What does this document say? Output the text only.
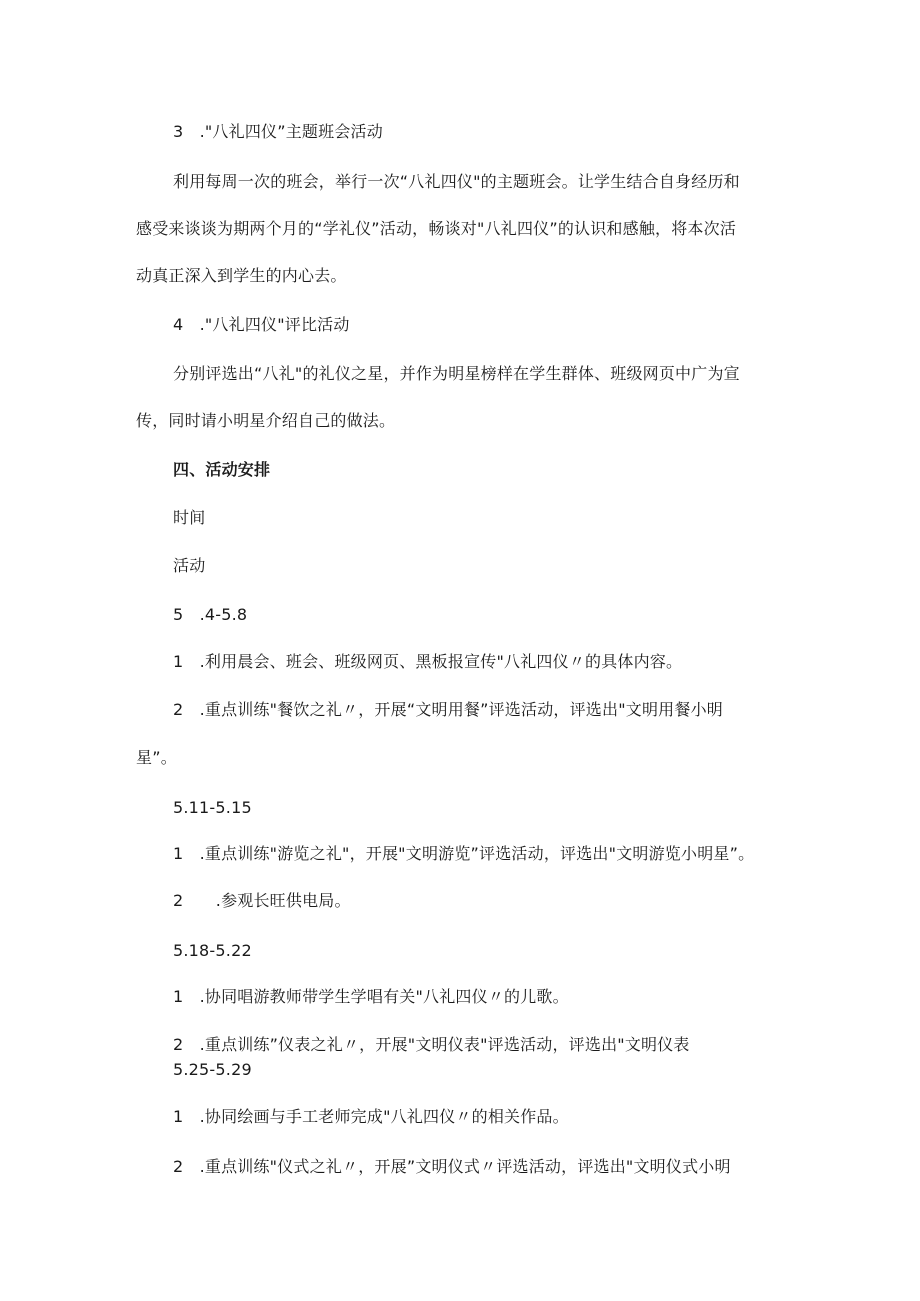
3　."八礼四仪”主题班会活动
利用每周一次的班会，举行一次“八礼四仪"的主题班会。让学生结合自身经历和
感受来谈谈为期两个月的“学礼仪”活动，畅谈对"八礼四仪”的认识和感触，将本次活
动真正深入到学生的内心去。
4　."八礼四仪"评比活动
分别评选出“八礼"的礼仪之星，并作为明星榜样在学生群体、班级网页中广为宣
传，同时请小明星介绍自己的做法。
四、活动安排
时间
活动
5　.4-5.8
1　.利用晨会、班会、班级网页、黑板报宣传"八礼四仪〃的具体内容。
2　.重点训练"餐饮之礼〃，开展“文明用餐”评选活动，评选出"文明用餐小明
星”。
5.11-5.15
1　.重点训练"游览之礼"，开展"文明游览”评选活动，评选出"文明游览小明星”。
2　　.参观长旺供电局。
5.18-5.22
1　.协同唱游教师带学生学唱有关"八礼四仪〃的儿歌。
2　.重点训练”仪表之礼〃，开展"文明仪表"评选活动，评选出"文明仪表
5.25-5.29
1　.协同绘画与手工老师完成"八礼四仪〃的相关作品。
2　.重点训练"仪式之礼〃，开展”文明仪式〃评选活动，评选出"文明仪式小明
